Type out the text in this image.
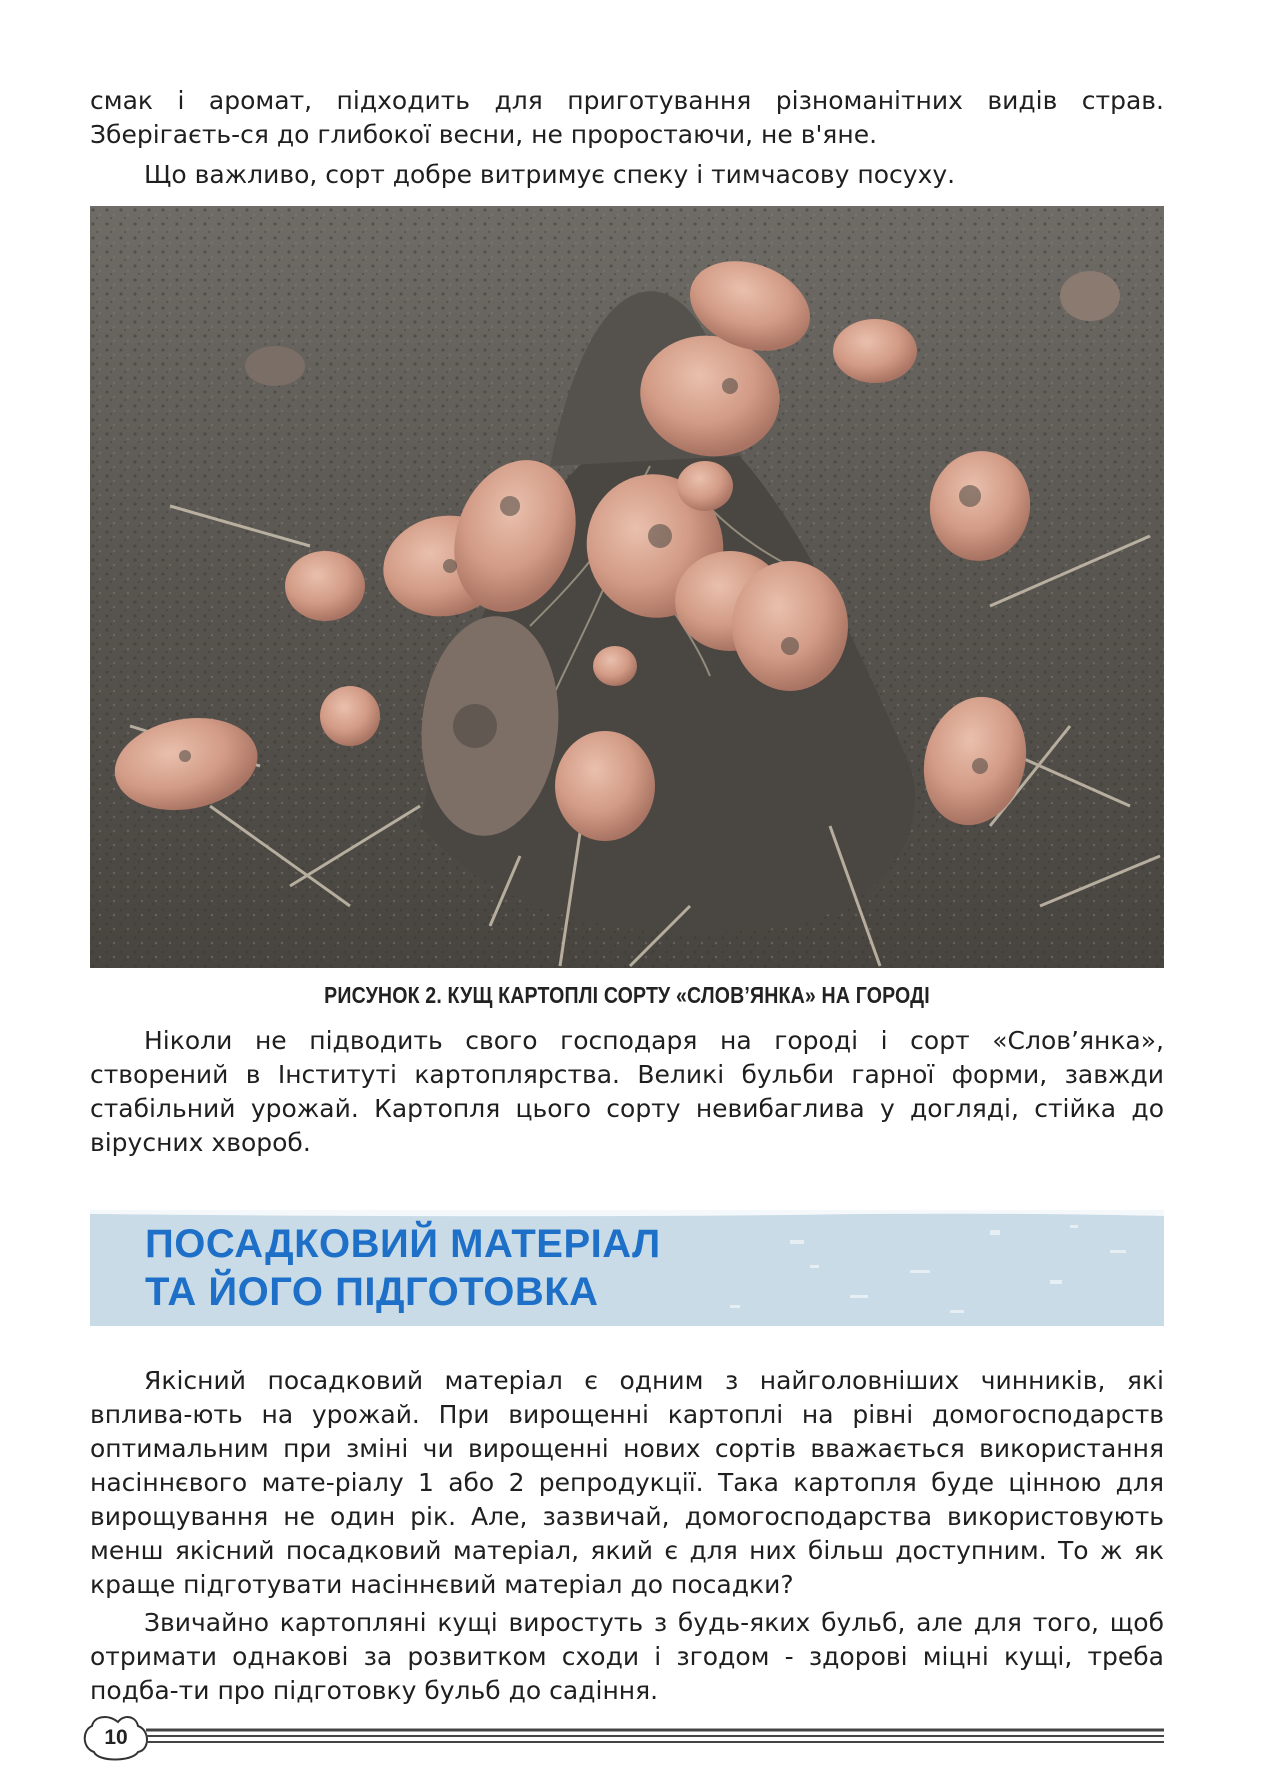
смак і аромат, підходить для приготування різноманітних видів страв. Зберігаєть-ся до глибокої весни, не проростаючи, не в'яне.

Що важливо, сорт добре витримує спеку і тимчасову посуху.

РИСУНОК 2. КУЩ КАРТОПЛІ СОРТУ «СЛОВ’ЯНКА» НА ГОРОДІ

Ніколи не підводить свого господаря на городі і сорт «Слов’янка», створений в Інституті картоплярства. Великі бульби гарної форми, завжди стабільний урожай. Картопля цього сорту невибаглива у догляді, стійка до вірусних хвороб.

ПОСАДКОВИЙ МАТЕРІАЛ
ТА ЙОГО ПІДГОТОВКА

Якісний посадковий матеріал є одним з найголовніших чинників, які вплива-ють на урожай. При вирощенні картоплі на рівні домогосподарств оптимальним при зміні чи вирощенні нових сортів вважається використання насіннєвого мате-ріалу 1 або 2 репродукції. Така картопля буде цінною для вирощування не один рік. Але, зазвичай, домогосподарства використовують менш якісний посадковий матеріал, який є для них більш доступним. То ж як краще підготувати насіннєвий матеріал до посадки?

Звичайно картопляні кущі виростуть з будь-яких бульб, але для того, щоб отримати однакові за розвитком сходи і згодом - здорові міцні кущі, треба подба-ти про підготовку бульб до садіння.

10
